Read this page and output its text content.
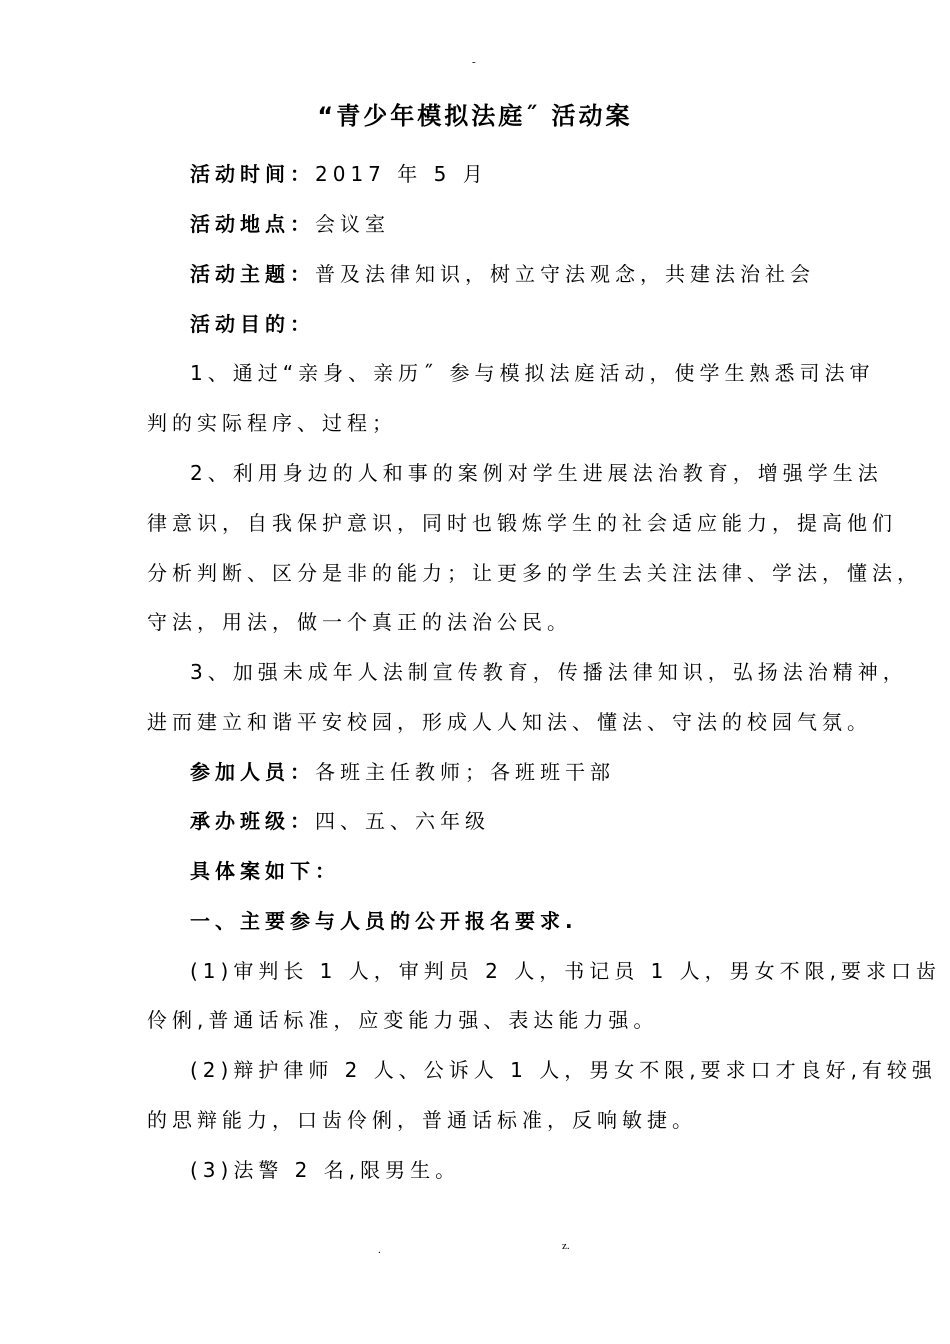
-
“青少年模拟法庭˝ 活动案
活动时间：2017 年 5 月
活动地点：会议室
活动主题：普及法律知识，树立守法观念，共建法治社会
活动目的：
1、通过“亲身、亲历˝ 参与模拟法庭活动，使学生熟悉司法审
判的实际程序、过程；
2、利用身边的人和事的案例对学生进展法治教育，增强学生法
律意识，自我保护意识，同时也锻炼学生的社会适应能力，提高他们
分析判断、区分是非的能力；让更多的学生去关注法律、学法，懂法，
守法，用法，做一个真正的法治公民。
3、加强未成年人法制宣传教育，传播法律知识，弘扬法治精神，
进而建立和谐平安校园，形成人人知法、懂法、守法的校园气氛。
参加人员：各班主任教师；各班班干部
承办班级：四、五、六年级
具体案如下：
一、主要参与人员的公开报名要求.
(1)审判长 1 人，审判员 2 人，书记员 1 人，男女不限,要求口齿
伶俐,普通话标准，应变能力强、表达能力强。
(2)辩护律师 2 人、公诉人 1 人，男女不限,要求口才良好,有较强
的思辩能力，口齿伶俐，普通话标准，反响敏捷。
(3)法警 2 名,限男生。
.	z.
